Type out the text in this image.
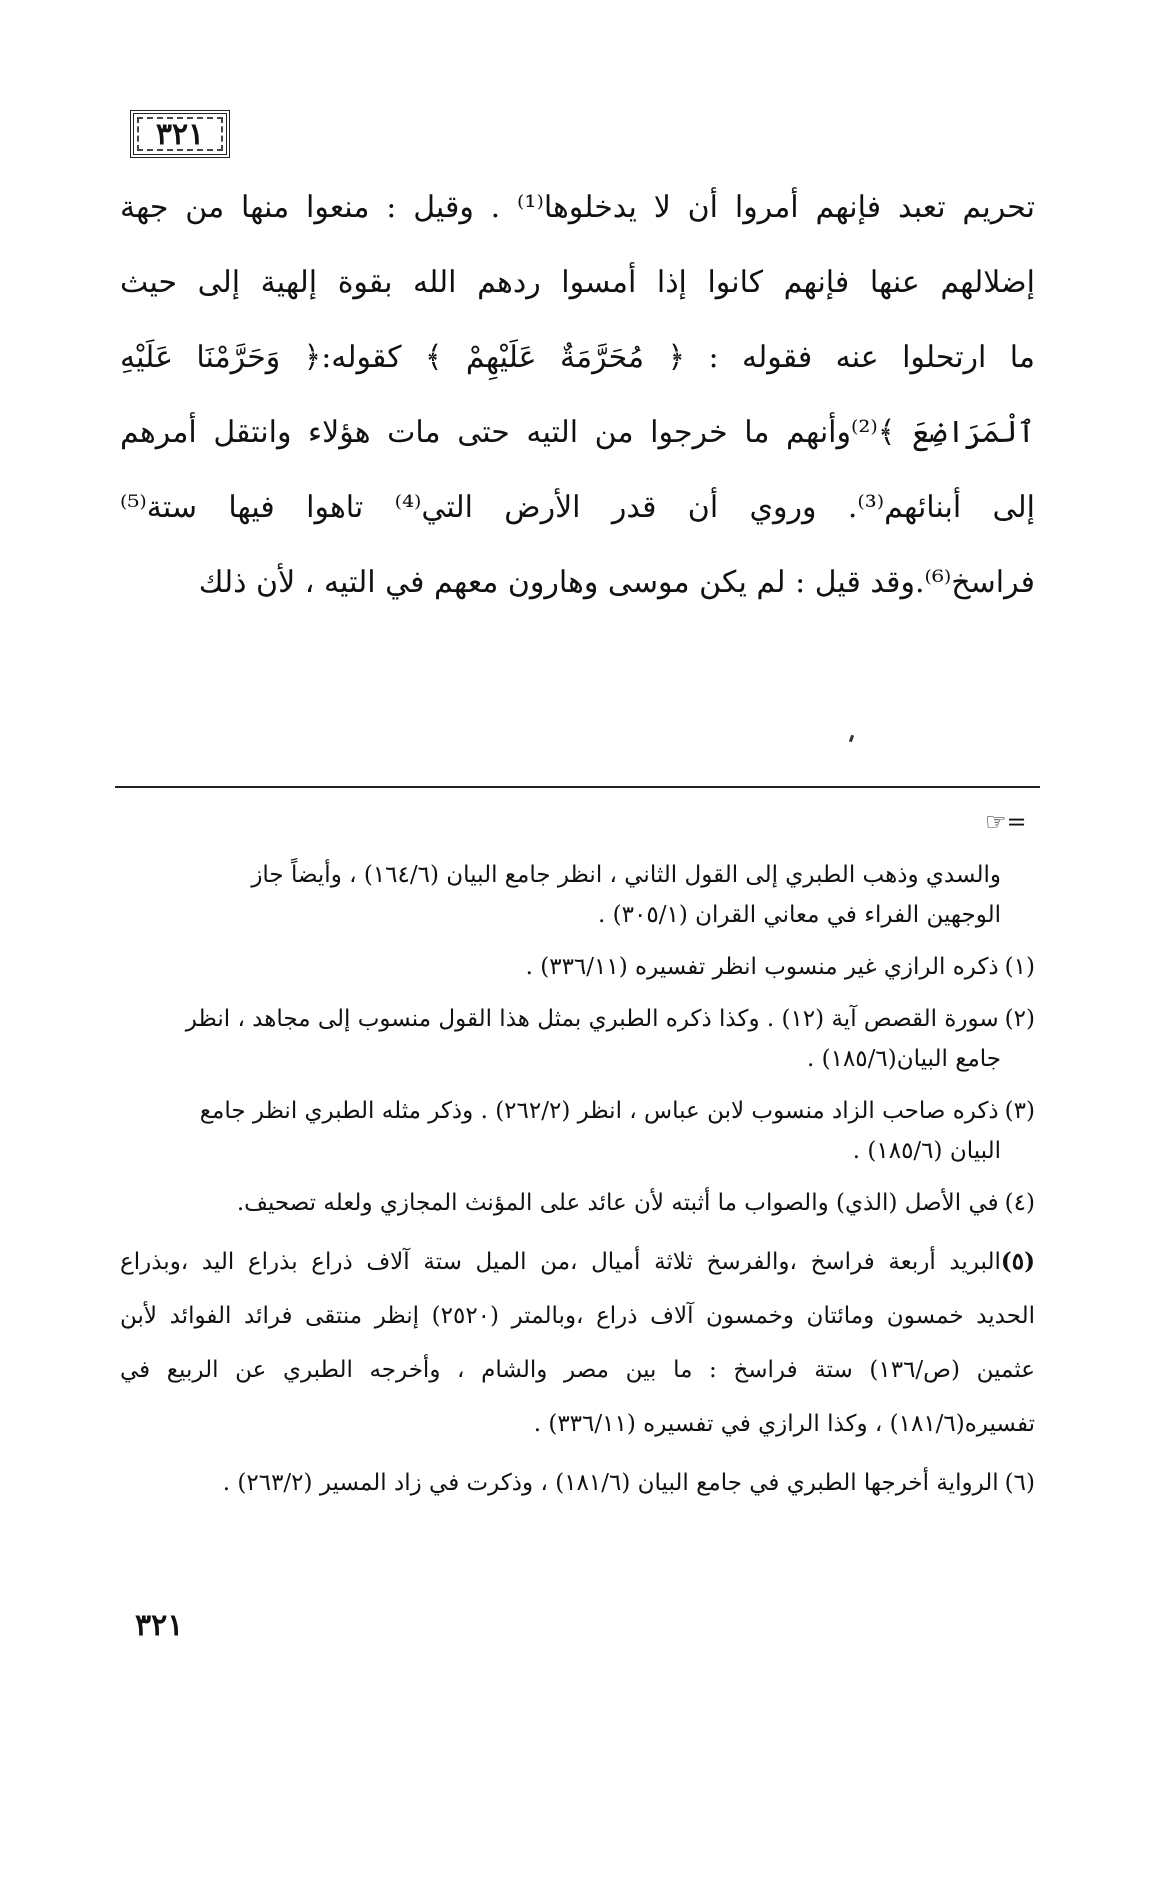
٣٢١
تحريم تعبد فإنهم أمروا أن لا يدخلوها⁽¹⁾ . وقيل : منعوا منها من جهة
إضلالهم عنها فإنهم كانوا إذا أمسوا ردهم الله بقوة إلهية إلى حيث
ما ارتحلوا عنه فقوله : ﴿ مُحَرَّمَةٌ عَلَيْهِمْ ﴾ كقوله:﴿ وَحَرَّمْنَا عَلَيْهِ
ٱلْمَرَاضِعَ ﴾⁽²⁾وأنهم ما خرجوا من التيه حتى مات هؤلاء وانتقل أمرهم
إلى أبنائهم⁽³⁾. وروي أن قدر الأرض التي⁽⁴⁾ تاهوا فيها ستة⁽⁵⁾
فراسخ⁽⁶⁾.وقد قيل : لم يكن موسى وهارون معهم في التيه ، لأن ذلك
☞=
والسدي وذهب الطبري إلى القول الثاني ، انظر جامع البيان (١٦٤/٦) ، وأيضاً جاز
الوجهين الفراء في معاني القران (٣٠٥/١) .
(١)ذكره الرازي غير منسوب انظر تفسيره (٣٣٦/١١) .
(٢)سورة القصص آية (١٢) . وكذا ذكره الطبري بمثل هذا القول منسوب إلى مجاهد ، انظر
جامع البيان(١٨٥/٦) .
(٣)ذكره صاحب الزاد منسوب لابن عباس ، انظر (٢٦٢/٢) . وذكر مثله الطبري انظر جامع
البيان (١٨٥/٦) .
(٤)في الأصل (الذي) والصواب ما أثبته لأن عائد على المؤنث المجازي ولعله تصحيف.
(٥)البريد أربعة فراسخ ،والفرسخ ثلاثة أميال ،من الميل ستة آلاف ذراع بذراع اليد ،وبذراع
الحديد خمسون ومائتان وخمسون آلاف ذراع ،وبالمتر (٢٥٢٠) إنظر منتقى فرائد الفوائد لأبن
عثمين (ص/١٣٦) ستة فراسخ : ما بين مصر والشام ، وأخرجه الطبري عن الربيع في
تفسيره(١٨١/٦) ، وكذا الرازي في تفسيره (٣٣٦/١١) .
(٦)الرواية أخرجها الطبري في جامع البيان (١٨١/٦) ، وذكرت في زاد المسير (٢٦٣/٢) .
٣٢١
